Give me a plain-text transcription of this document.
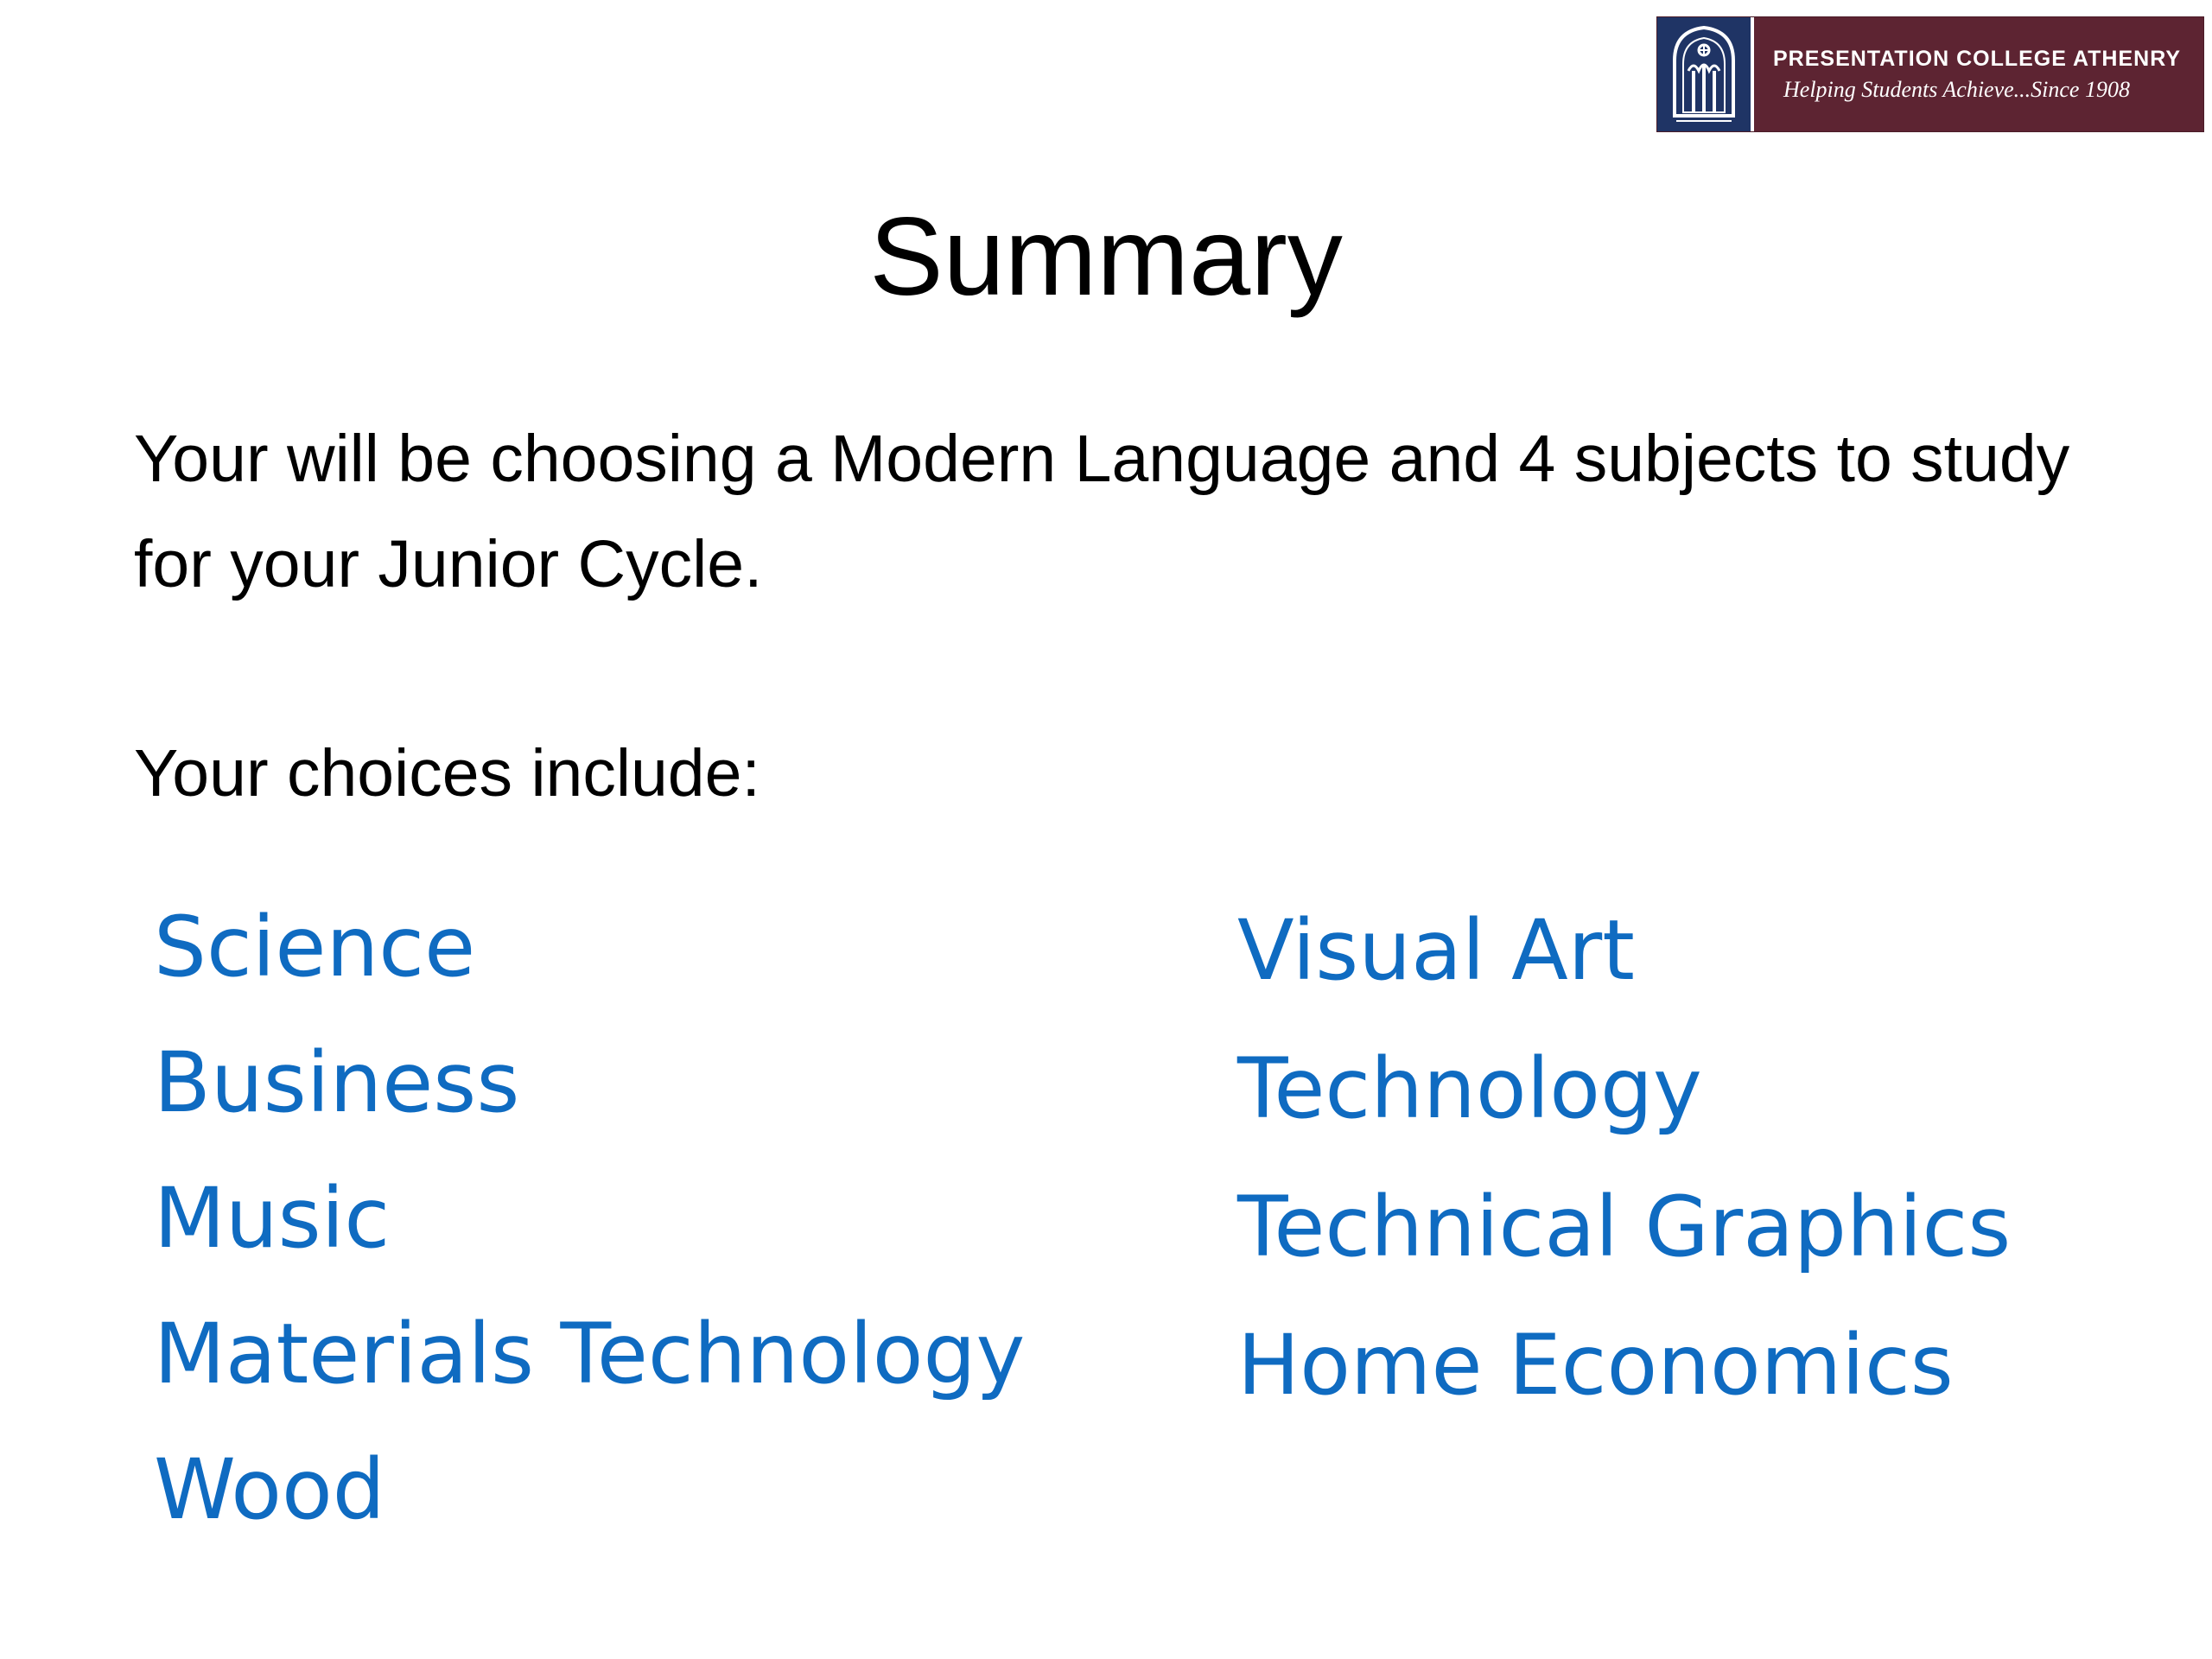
PRESENTATION COLLEGE ATHENRY
Helping Students Achieve...Since 1908
Summary

Your will be choosing a Modern Language and 4 subjects to study for your Junior Cycle.

Your choices include:

Science
Business
Music
Materials Technology
Wood
Visual Art
Technology
Technical Graphics
Home Economics
